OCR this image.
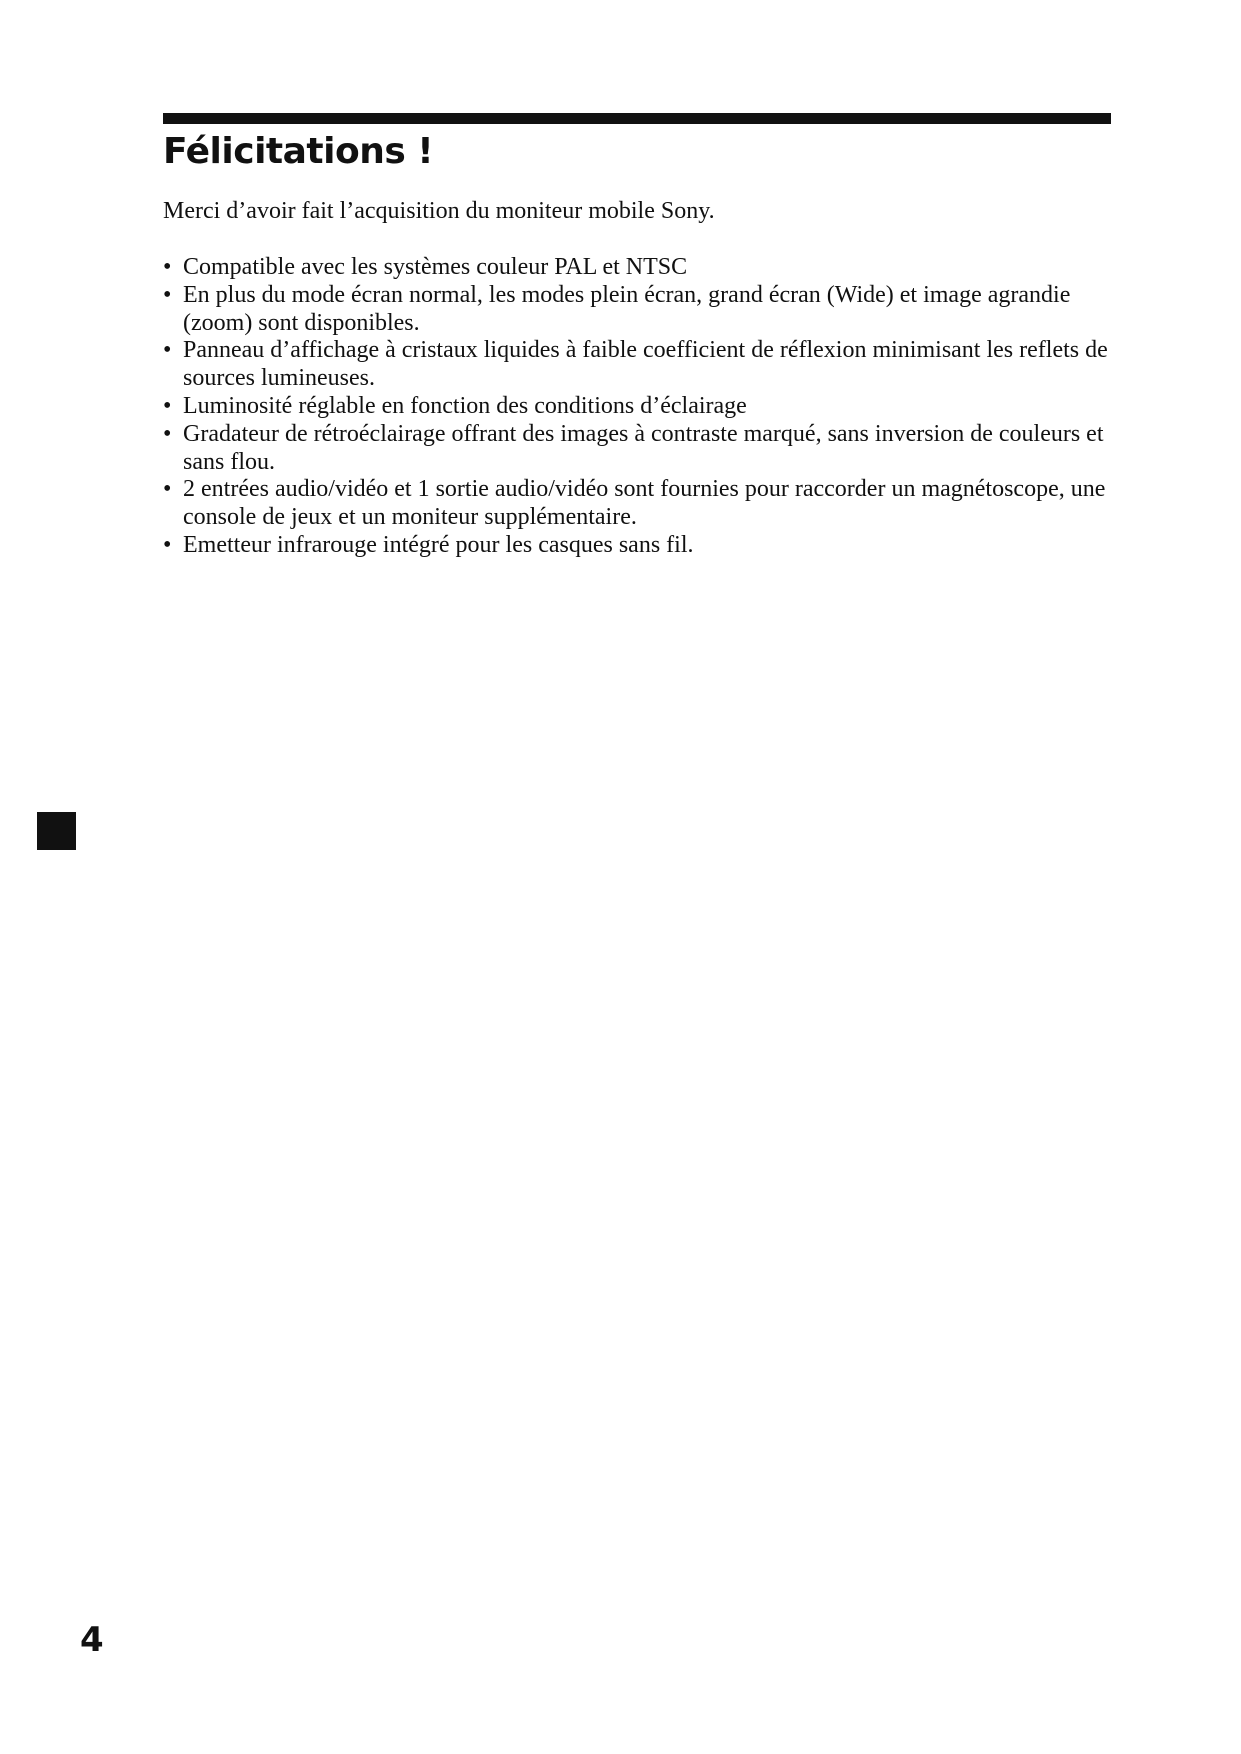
Félicitations !

Merci d’avoir fait l’acquisition du moniteur mobile Sony.

• Compatible avec les systèmes couleur PAL et NTSC
• En plus du mode écran normal, les modes plein écran, grand écran (Wide) et image agrandie (zoom) sont disponibles.
• Panneau d’affichage à cristaux liquides à faible coefficient de réflexion minimisant les reflets de sources lumineuses.
• Luminosité réglable en fonction des conditions d’éclairage
• Gradateur de rétroéclairage offrant des images à contraste marqué, sans inversion de couleurs et sans flou.
• 2 entrées audio/vidéo et 1 sortie audio/vidéo sont fournies pour raccorder un magnétoscope, une console de jeux et un moniteur supplémentaire.
• Emetteur infrarouge intégré pour les casques sans fil.
4
